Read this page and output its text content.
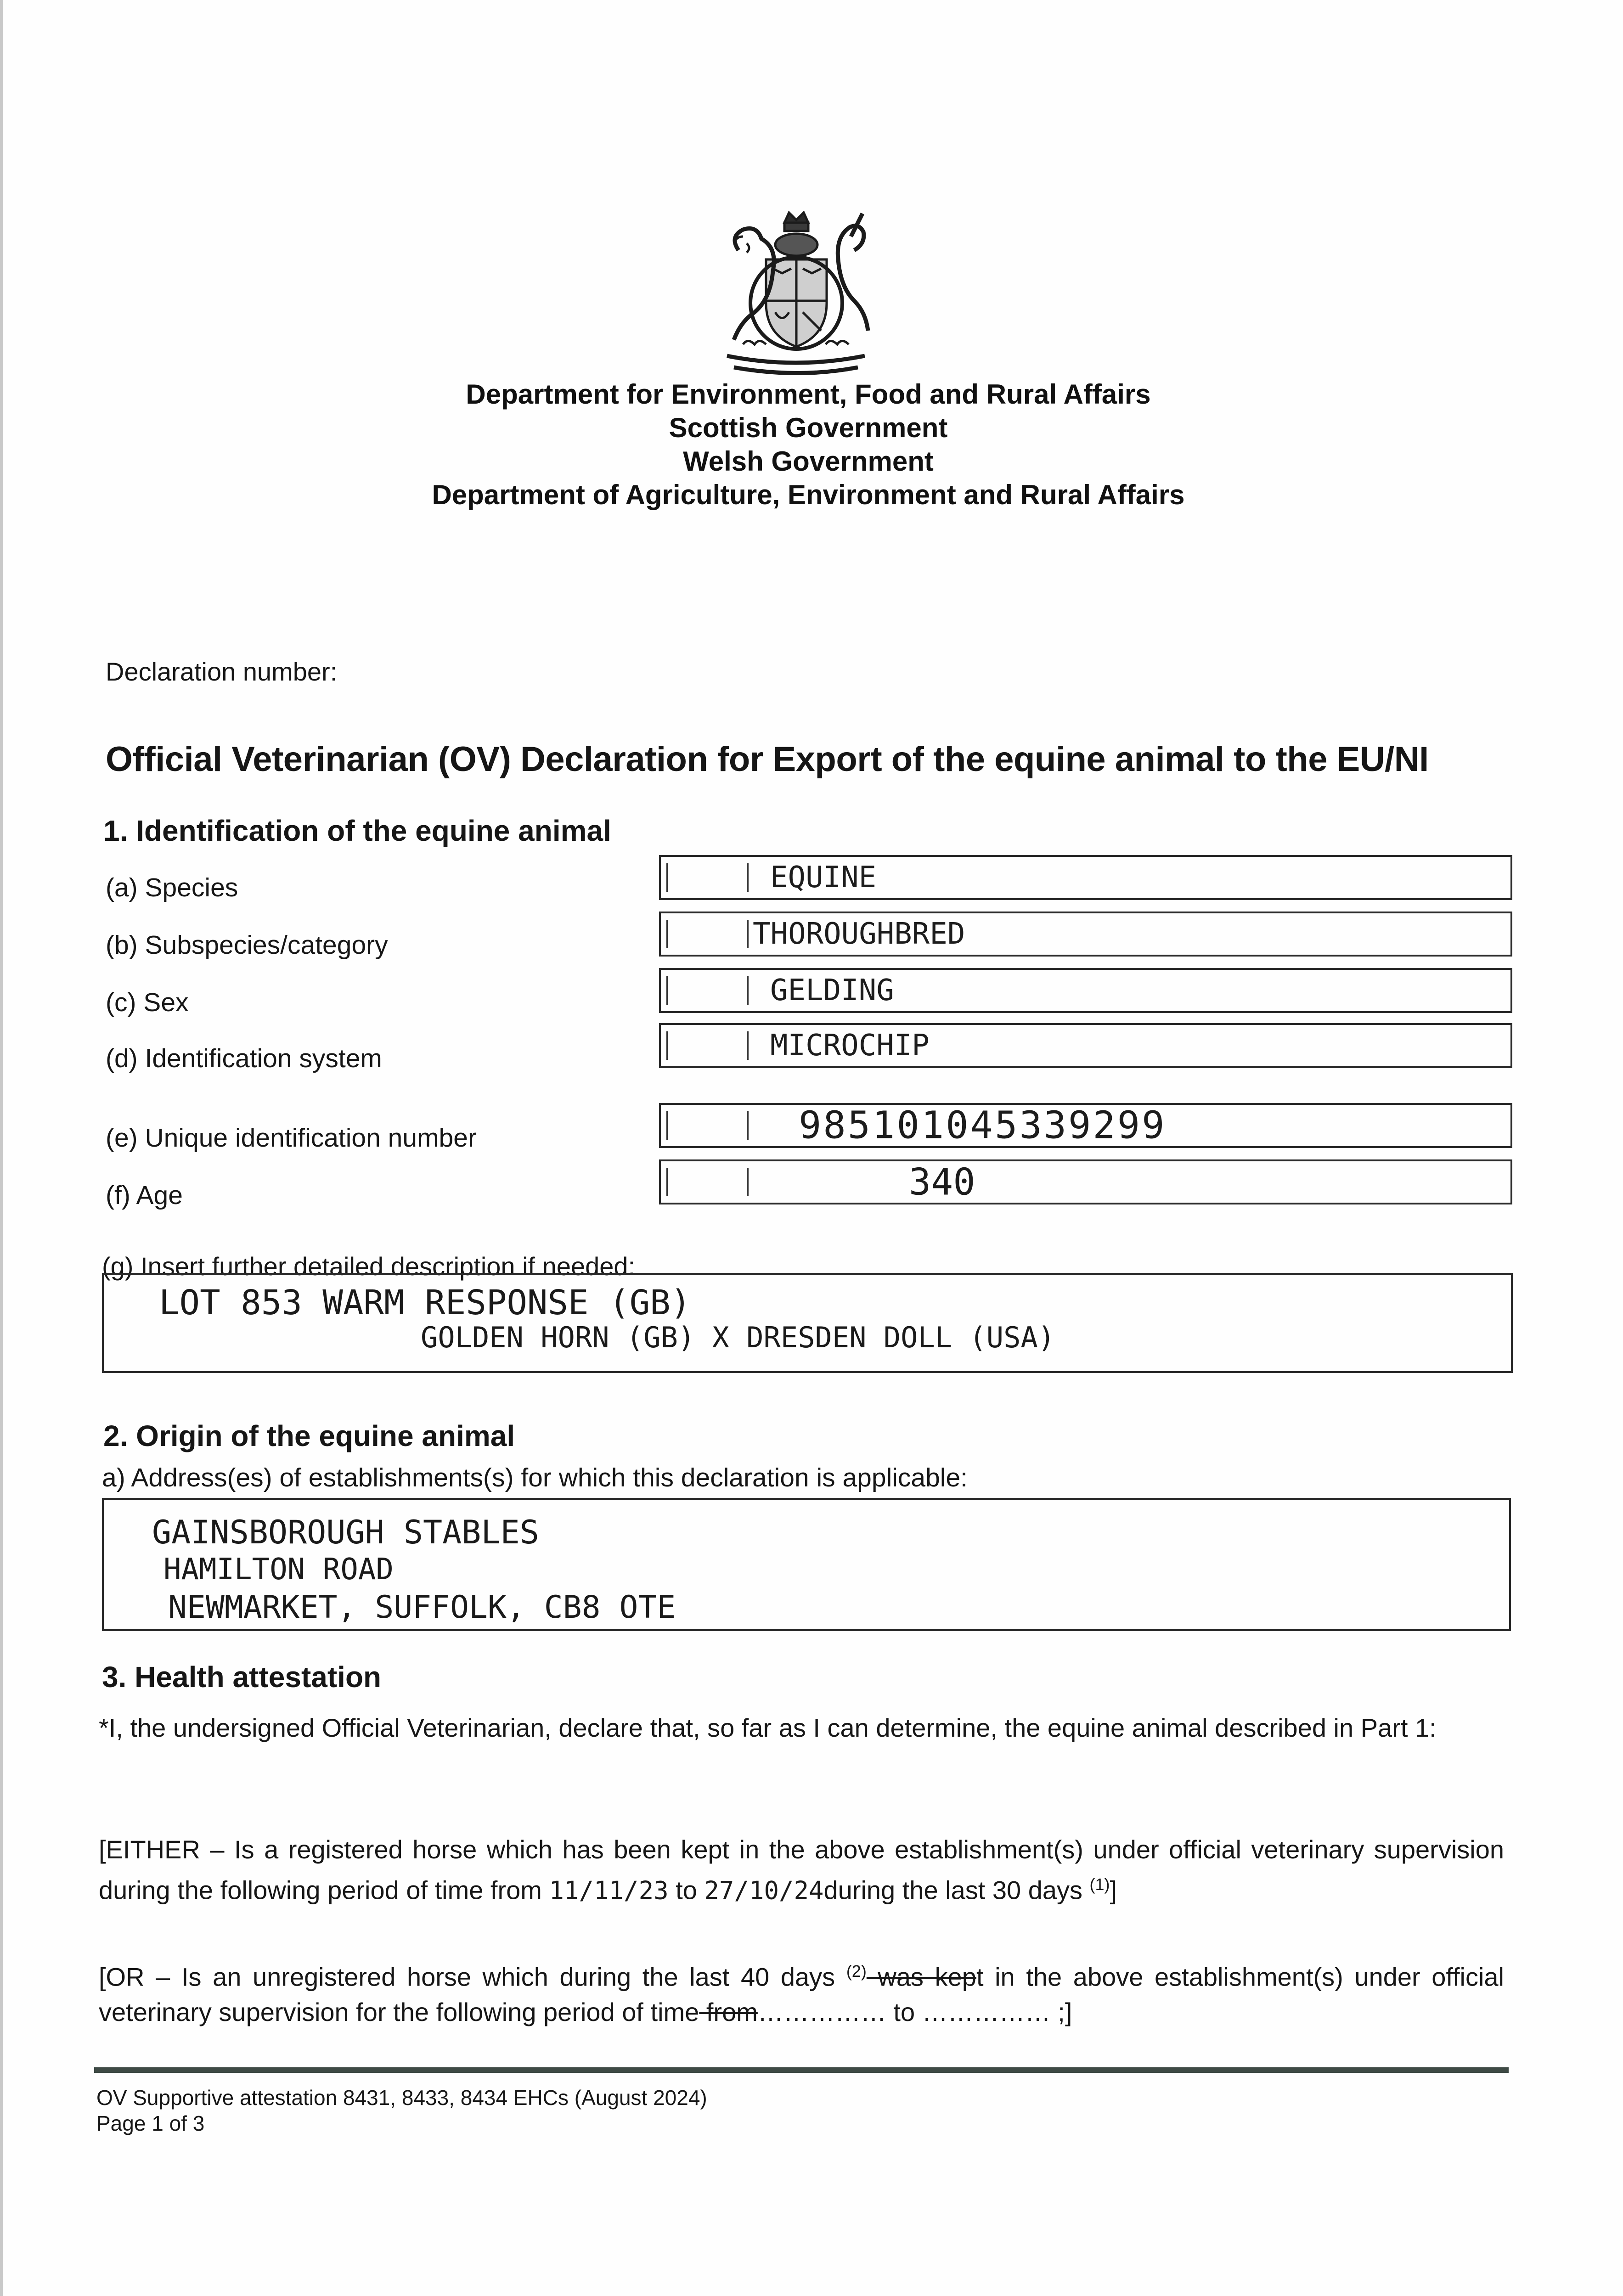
Department for Environment, Food and Rural Affairs
Scottish Government
Welsh Government
Department of Agriculture, Environment and Rural Affairs
Declaration number:
Official Veterinarian (OV) Declaration for Export of the equine animal to the EU/NI
1. Identification of the equine animal
(a) Species
(b) Subspecies/category
(c) Sex
(d) Identification system
(e) Unique identification number
(f) Age
EQUINE
THOROUGHBRED
GELDING
MICROCHIP
985101045339299
340
(g) Insert further detailed description if needed:
LOT 853 WARM RESPONSE (GB)
GOLDEN HORN (GB) X DRESDEN DOLL (USA)
2. Origin of the equine animal
a) Address(es) of establishments(s) for which this declaration is applicable:
GAINSBOROUGH STABLES
HAMILTON ROAD
NEWMARKET, SUFFOLK, CB8 OTE
3. Health attestation
*I, the undersigned Official Veterinarian, declare that, so far as I can determine, the equine animal described in Part 1:
[EITHER – Is a registered horse which has been kept in the above establishment(s) under official veterinary supervision during the following period of time from 11/11/23 to 27/10/24during the last 30 days $^{(1)}$]
[OR – Is an unregistered horse which during the last 40 days $^{(2)}$ was kept in the above establishment(s) under official veterinary supervision for the following period of time from…………… to …………… ;]
OV Supportive attestation 8431, 8433, 8434 EHCs (August 2024)
Page 1 of 3
